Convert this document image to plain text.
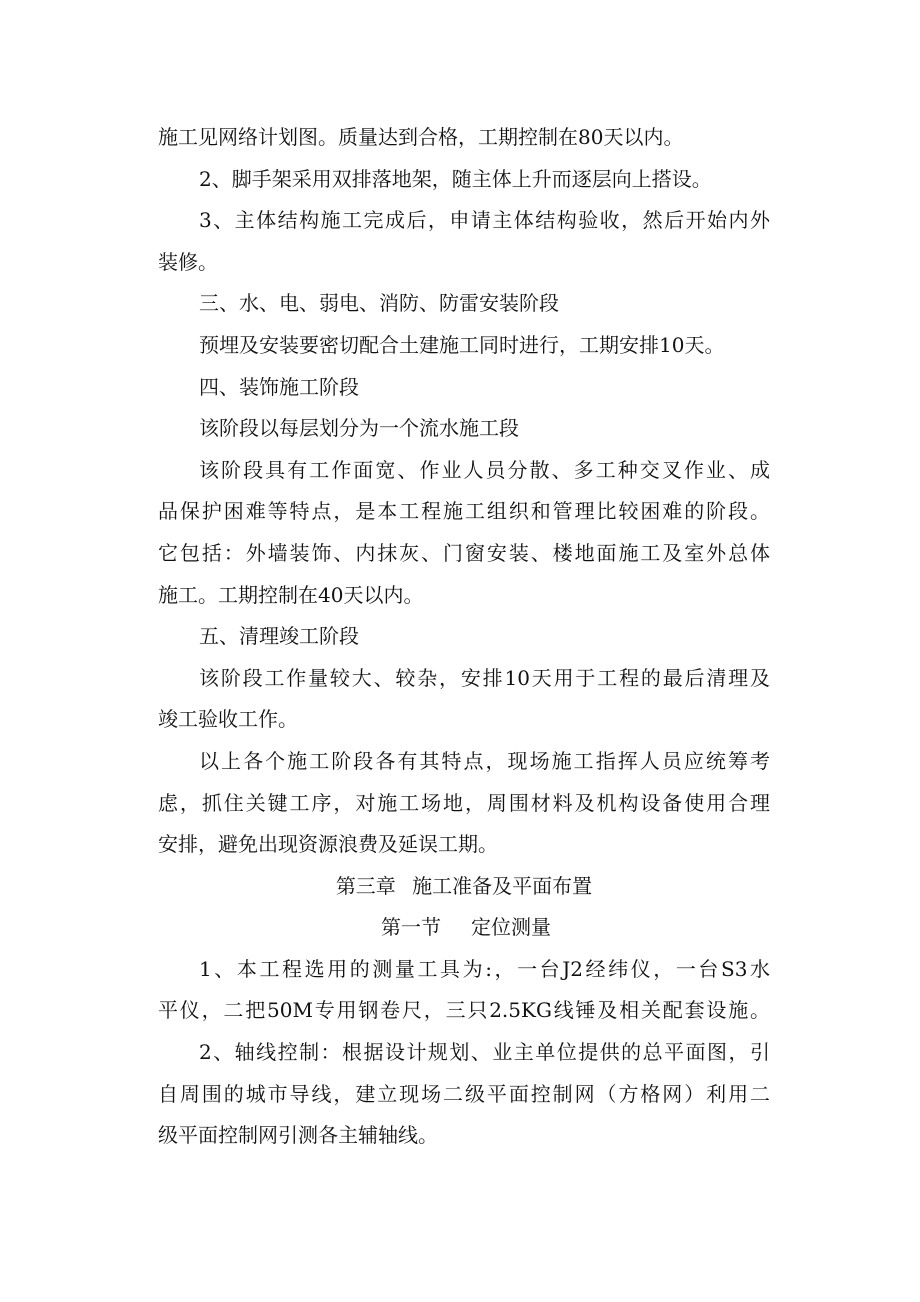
施工见网络计划图。质量达到合格，工期控制在80天以内。
2、脚手架采用双排落地架，随主体上升而逐层向上搭设。
3、主体结构施工完成后，申请主体结构验收，然后开始内外
装修。
三、水、电、弱电、消防、防雷安装阶段
预埋及安装要密切配合土建施工同时进行，工期安排10天。
四、装饰施工阶段
该阶段以每层划分为一个流水施工段
该阶段具有工作面宽、作业人员分散、多工种交叉作业、成
品保护困难等特点，是本工程施工组织和管理比较困难的阶段。
它包括：外墙装饰、内抹灰、门窗安装、楼地面施工及室外总体
施工。工期控制在40天以内。
五、清理竣工阶段
该阶段工作量较大、较杂，安排10天用于工程的最后清理及
竣工验收工作。
以上各个施工阶段各有其特点，现场施工指挥人员应统筹考
虑，抓住关键工序，对施工场地，周围材料及机构设备使用合理
安排，避免出现资源浪费及延误工期。
第三章 施工准备及平面布置
第一节 定位测量
1、本工程选用的测量工具为:，一台J2经纬仪，一台S3水
平仪，二把50M专用钢卷尺，三只2.5KG线锤及相关配套设施。
2、轴线控制：根据设计规划、业主单位提供的总平面图，引
自周围的城市导线，建立现场二级平面控制网（方格网）利用二
级平面控制网引测各主辅轴线。
